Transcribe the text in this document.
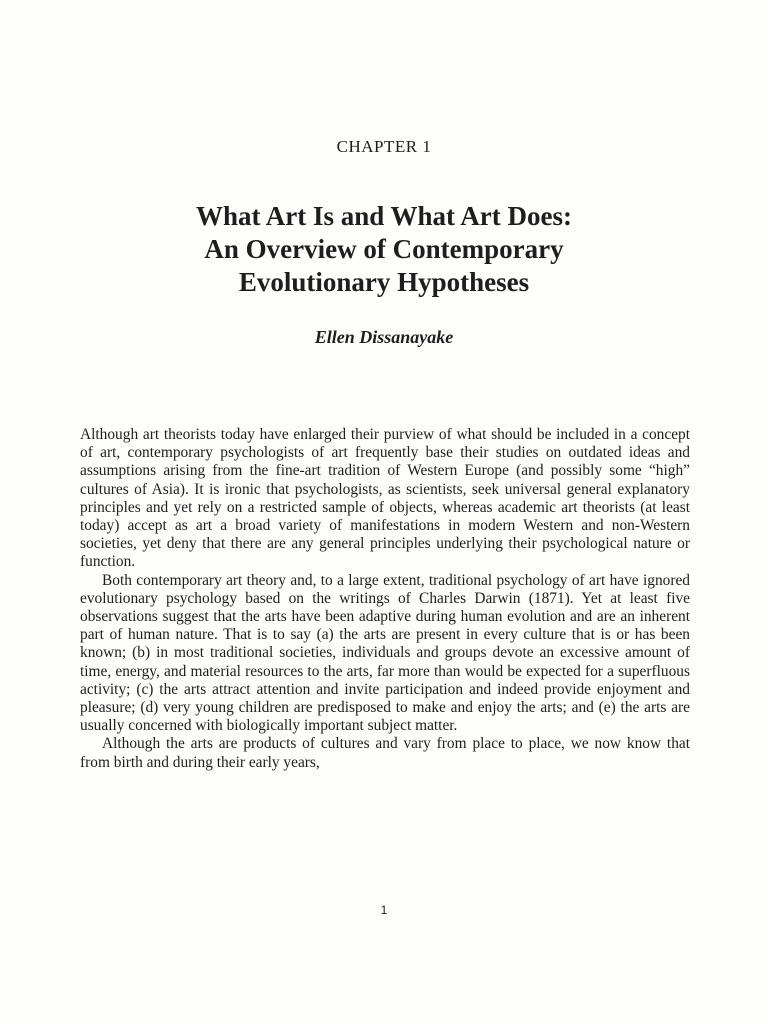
CHAPTER 1
What Art Is and What Art Does:
An Overview of Contemporary
Evolutionary Hypotheses
Ellen Dissanayake

Although art theorists today have enlarged their purview of what should be included in a concept of art, contemporary psychologists of art frequently base their studies on outdated ideas and assumptions arising from the fine-art tradition of Western Europe (and possibly some “high” cultures of Asia). It is ironic that psychologists, as scientists, seek universal general explanatory principles and yet rely on a restricted sample of objects, whereas academic art theorists (at least today) accept as art a broad variety of manifestations in modern Western and non-Western societies, yet deny that there are any general principles underlying their psychological nature or function.

Both contemporary art theory and, to a large extent, traditional psychology of art have ignored evolutionary psychology based on the writings of Charles Darwin (1871). Yet at least five observations suggest that the arts have been adaptive during human evolution and are an inherent part of human nature. That is to say (a) the arts are present in every culture that is or has been known; (b) in most traditional societies, individuals and groups devote an excessive amount of time, energy, and material resources to the arts, far more than would be expected for a superfluous activity; (c) the arts attract attention and invite participation and indeed provide enjoyment and pleasure; (d) very young children are predisposed to make and enjoy the arts; and (e) the arts are usually concerned with biologically important subject matter.

Although the arts are products of cultures and vary from place to place, we now know that from birth and during their early years,

1
